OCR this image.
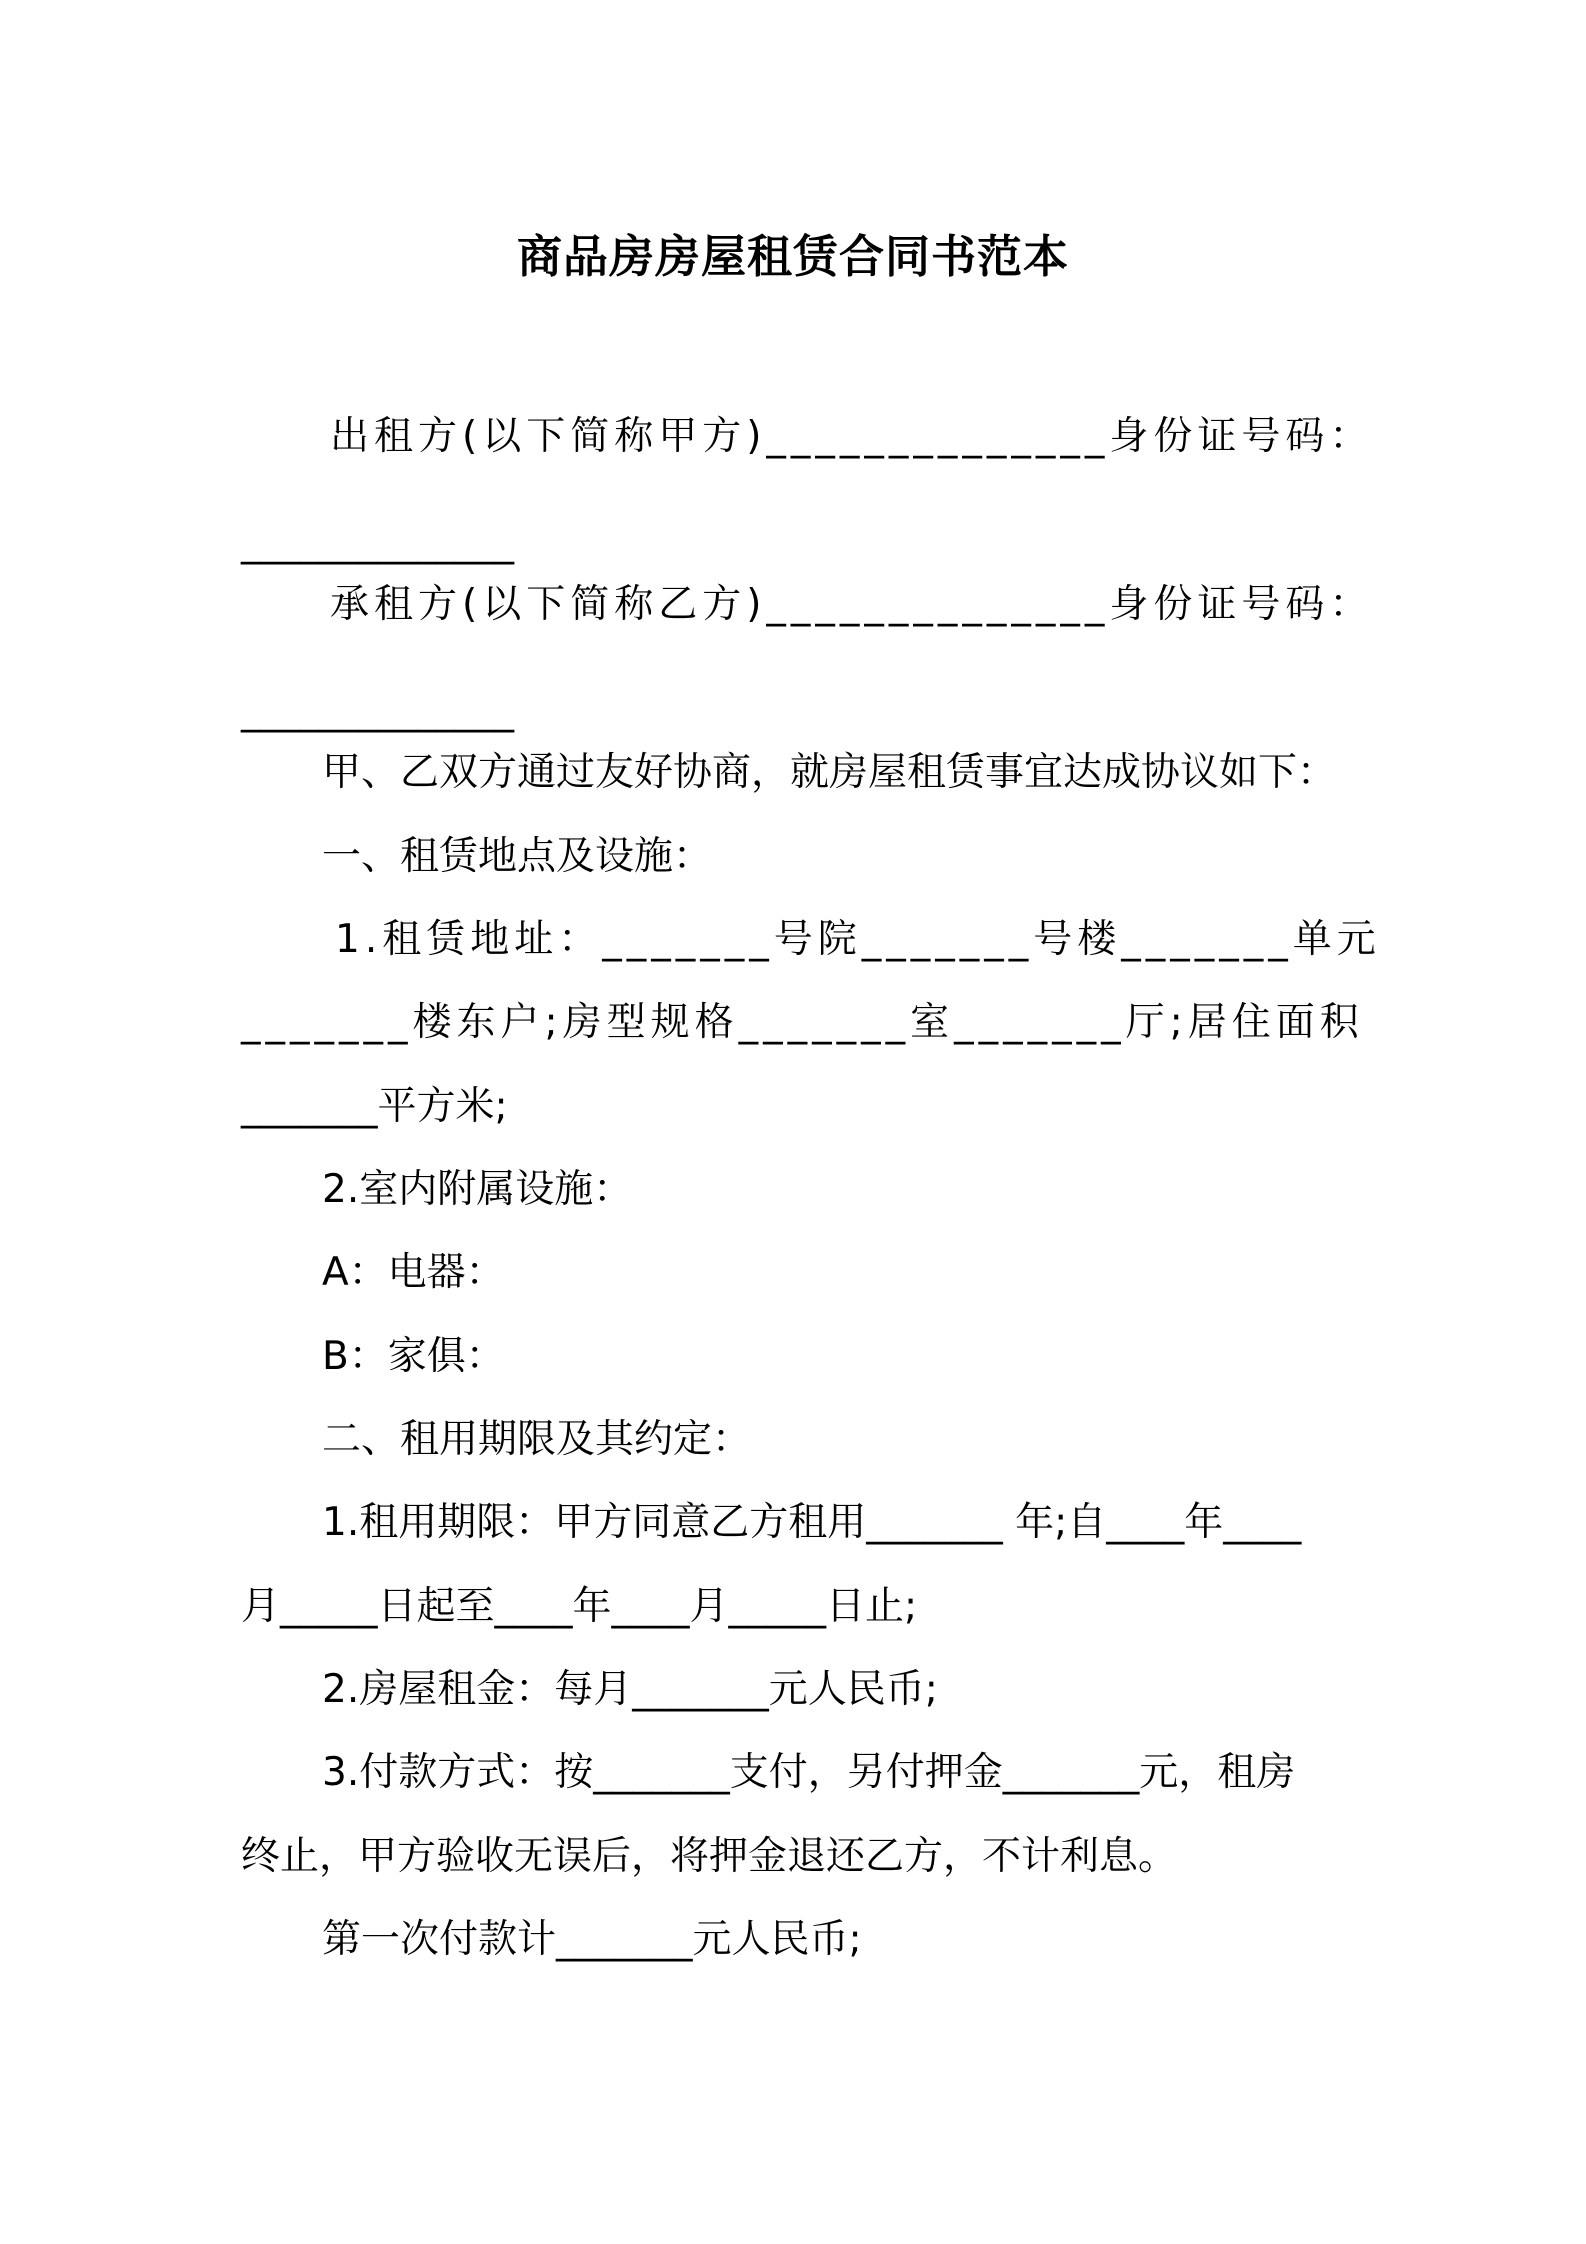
商品房房屋租赁合同书范本
出租方(以下简称甲方)______________身份证号码：
______________
承租方(以下简称乙方)______________身份证号码：
______________
甲、乙双方通过友好协商，就房屋租赁事宜达成协议如下：
一、租赁地点及设施：
1.租赁地址：_______号院_______号楼_______单元
_______楼东户;房型规格_______室_______厅;居住面积
_______平方米;
2.室内附属设施：
A：电器：
B：家俱：
二、租用期限及其约定：
1.租用期限：甲方同意乙方租用_______ 年;自____年____
月_____日起至____年____月_____日止;
2.房屋租金：每月_______元人民币;
3.付款方式：按_______支付，另付押金_______元，租房
终止，甲方验收无误后，将押金退还乙方，不计利息。
第一次付款计_______元人民币;
